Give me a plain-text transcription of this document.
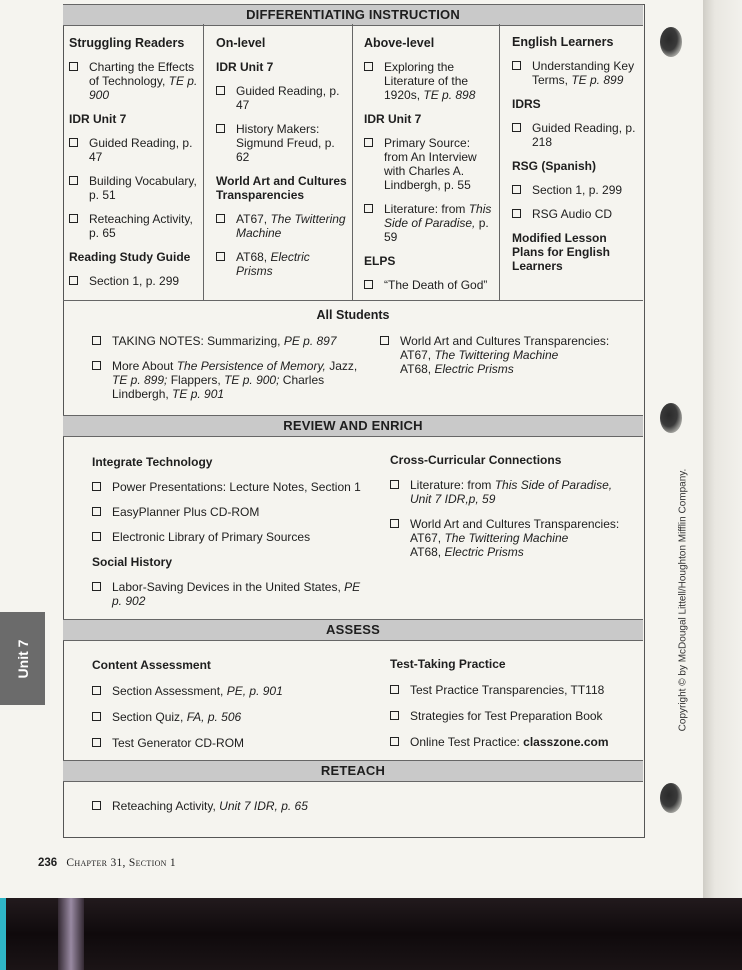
DIFFERENTIATING INSTRUCTION
Struggling Readers
Charting the Effects of Technology, TE p. 900
IDR Unit 7
Guided Reading, p. 47
Building Vocabulary, p. 51
Reteaching Activity, p. 65
Reading Study Guide
Section 1, p. 299
On-level
IDR Unit 7
Guided Reading, p. 47
History Makers: Sigmund Freud, p. 62
World Art and Cultures Transparencies
AT67, The Twittering Machine
AT68, Electric Prisms
Above-level
Exploring the Literature of the 1920s, TE p. 898
IDR Unit 7
Primary Source: from An Interview with Charles A. Lindbergh, p. 55
Literature: from This Side of Paradise, p. 59
ELPS
“The Death of God”
English Learners
Understanding Key Terms, TE p. 899
IDRS
Guided Reading, p. 218
RSG (Spanish)
Section 1, p. 299
RSG Audio CD
Modified Lesson Plans for English Learners
All Students
TAKING NOTES: Summarizing, PE p. 897
More About The Persistence of Memory, Jazz, TE p. 899; Flappers, TE p. 900; Charles Lindbergh, TE p. 901
World Art and Cultures Transparencies: AT67, The Twittering Machine
AT68, Electric Prisms
REVIEW AND ENRICH
Integrate Technology
Power Presentations: Lecture Notes, Section 1
EasyPlanner Plus CD-ROM
Electronic Library of Primary Sources
Social History
Labor-Saving Devices in the United States, PE p. 902
Cross-Curricular Connections
Literature: from This Side of Paradise, Unit 7 IDR,p, 59
World Art and Cultures Transparencies: AT67, The Twittering Machine
AT68, Electric Prisms
ASSESS
Content Assessment
Section Assessment, PE, p. 901
Section Quiz, FA, p. 506
Test Generator CD-ROM
Test-Taking Practice
Test Practice Transparencies, TT118
Strategies for Test Preparation Book
Online Test Practice: classzone.com
RETEACH
Reteaching Activity, Unit 7 IDR, p. 65
Unit 7	Copyright © by McDougal Littell/Houghton Mifflin Company.
236 Chapter 31, Section 1
